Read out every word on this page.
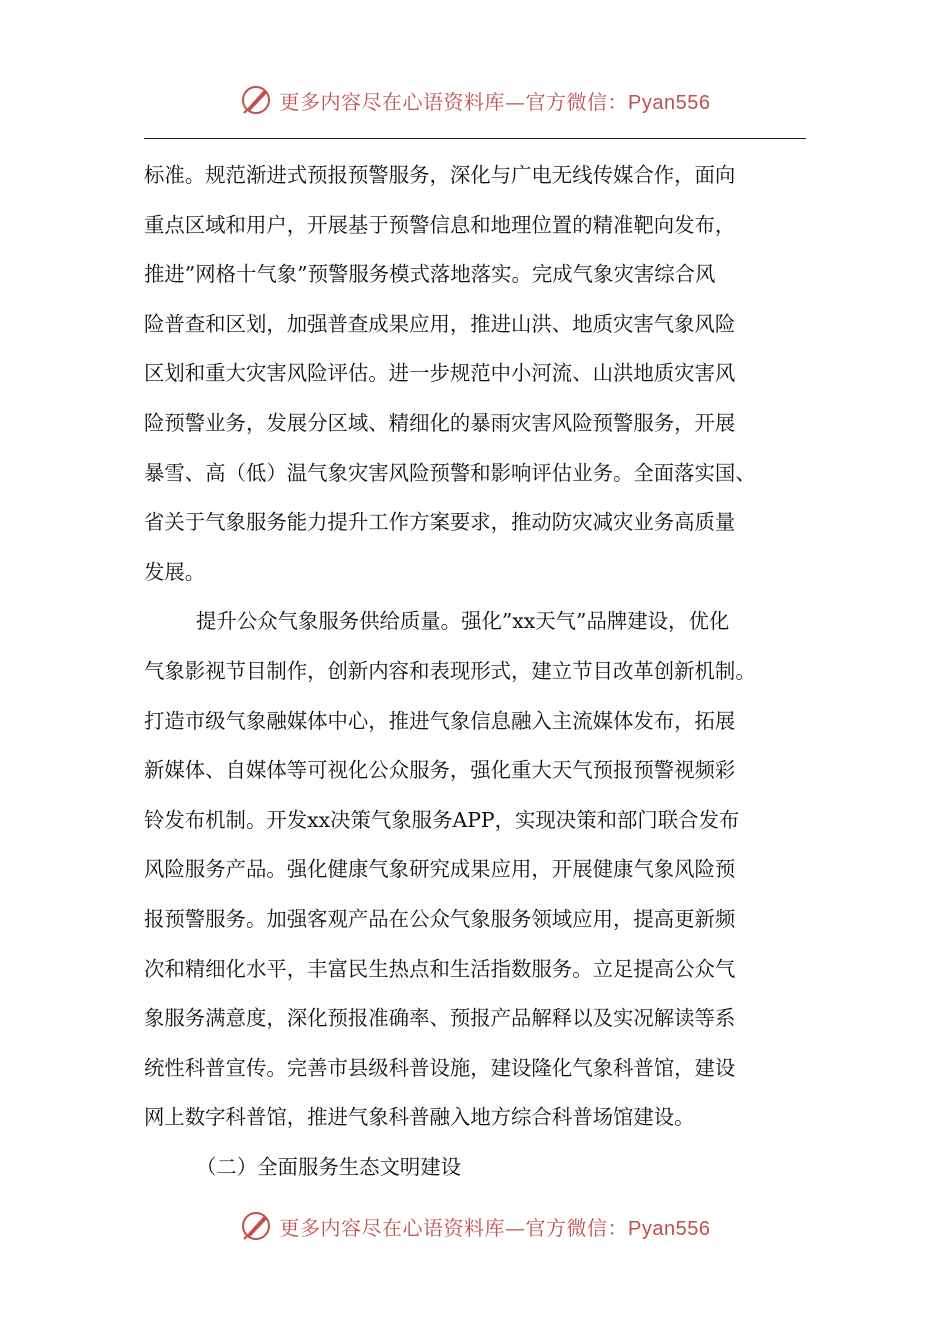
更多内容尽在心语资料库—官方微信：Pyan556
标准。规范渐进式预报预警服务，深化与广电无线传媒合作，面向
重点区域和用户，开展基于预警信息和地理位置的精准靶向发布，
推进”网格十气象”预警服务模式落地落实。完成气象灾害综合风
险普查和区划，加强普查成果应用，推进山洪、地质灾害气象风险
区划和重大灾害风险评估。进一步规范中小河流、山洪地质灾害风
险预警业务，发展分区域、精细化的暴雨灾害风险预警服务，开展
暴雪、高（低）温气象灾害风险预警和影响评估业务。全面落实国、
省关于气象服务能力提升工作方案要求，推动防灾减灾业务高质量
发展。
提升公众气象服务供给质量。强化”xx天气”品牌建设，优化
气象影视节目制作，创新内容和表现形式，建立节目改革创新机制。
打造市级气象融媒体中心，推进气象信息融入主流媒体发布，拓展
新媒体、自媒体等可视化公众服务，强化重大天气预报预警视频彩
铃发布机制。开发xx决策气象服务APP，实现决策和部门联合发布
风险服务产品。强化健康气象研究成果应用，开展健康气象风险预
报预警服务。加强客观产品在公众气象服务领域应用，提高更新频
次和精细化水平，丰富民生热点和生活指数服务。立足提高公众气
象服务满意度，深化预报准确率、预报产品解释以及实况解读等系
统性科普宣传。完善市县级科普设施，建设隆化气象科普馆，建设
网上数字科普馆，推进气象科普融入地方综合科普场馆建设。
（二）全面服务生态文明建设
更多内容尽在心语资料库—官方微信：Pyan556
